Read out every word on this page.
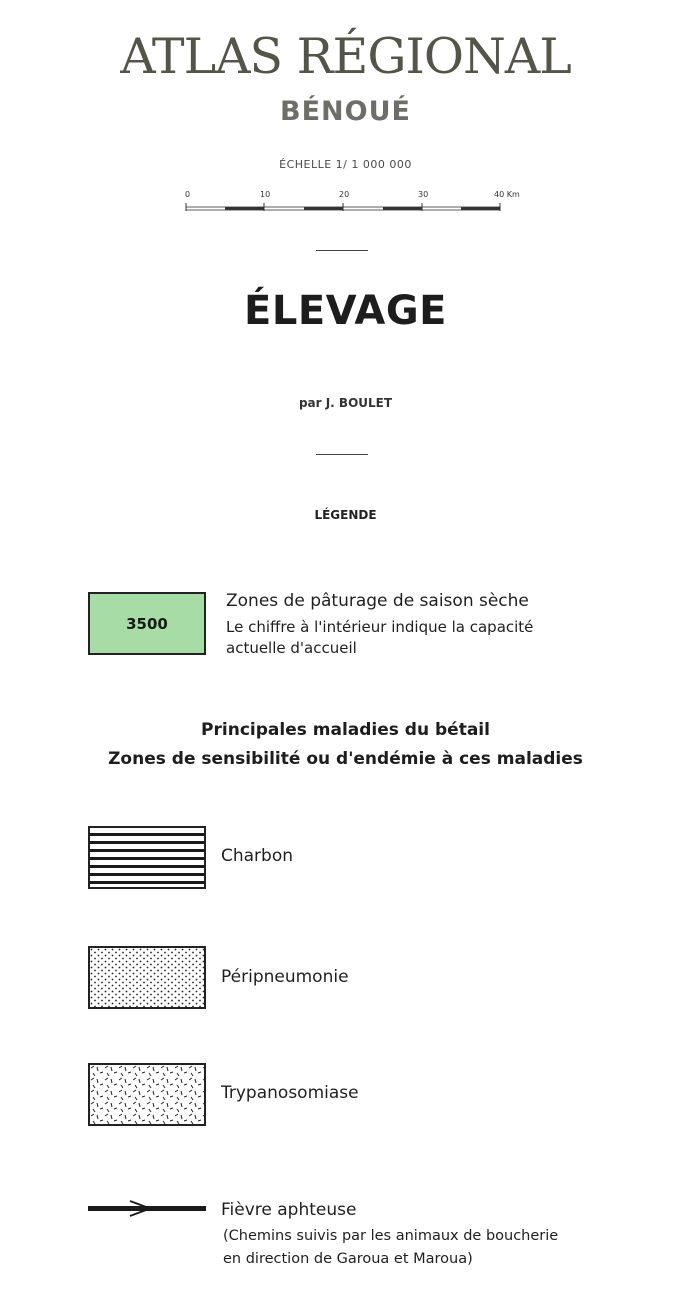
ATLAS RÉGIONAL
BÉNOUÉ
ÉCHELLE 1/ 1 000 000
0	10	20	30	40 Km
ÉLEVAGE
par J. BOULET
LÉGENDE
3500
Zones de pâturage de saison sèche
Le chiffre à l'intérieur indique la capacité
actuelle d'accueil
Principales maladies du bétail
Zones de sensibilité ou d'endémie à ces maladies
Charbon
Péripneumonie
Trypanosomiase
Fièvre aphteuse
(Chemins suivis par les animaux de boucherie
en direction de Garoua et Maroua)
